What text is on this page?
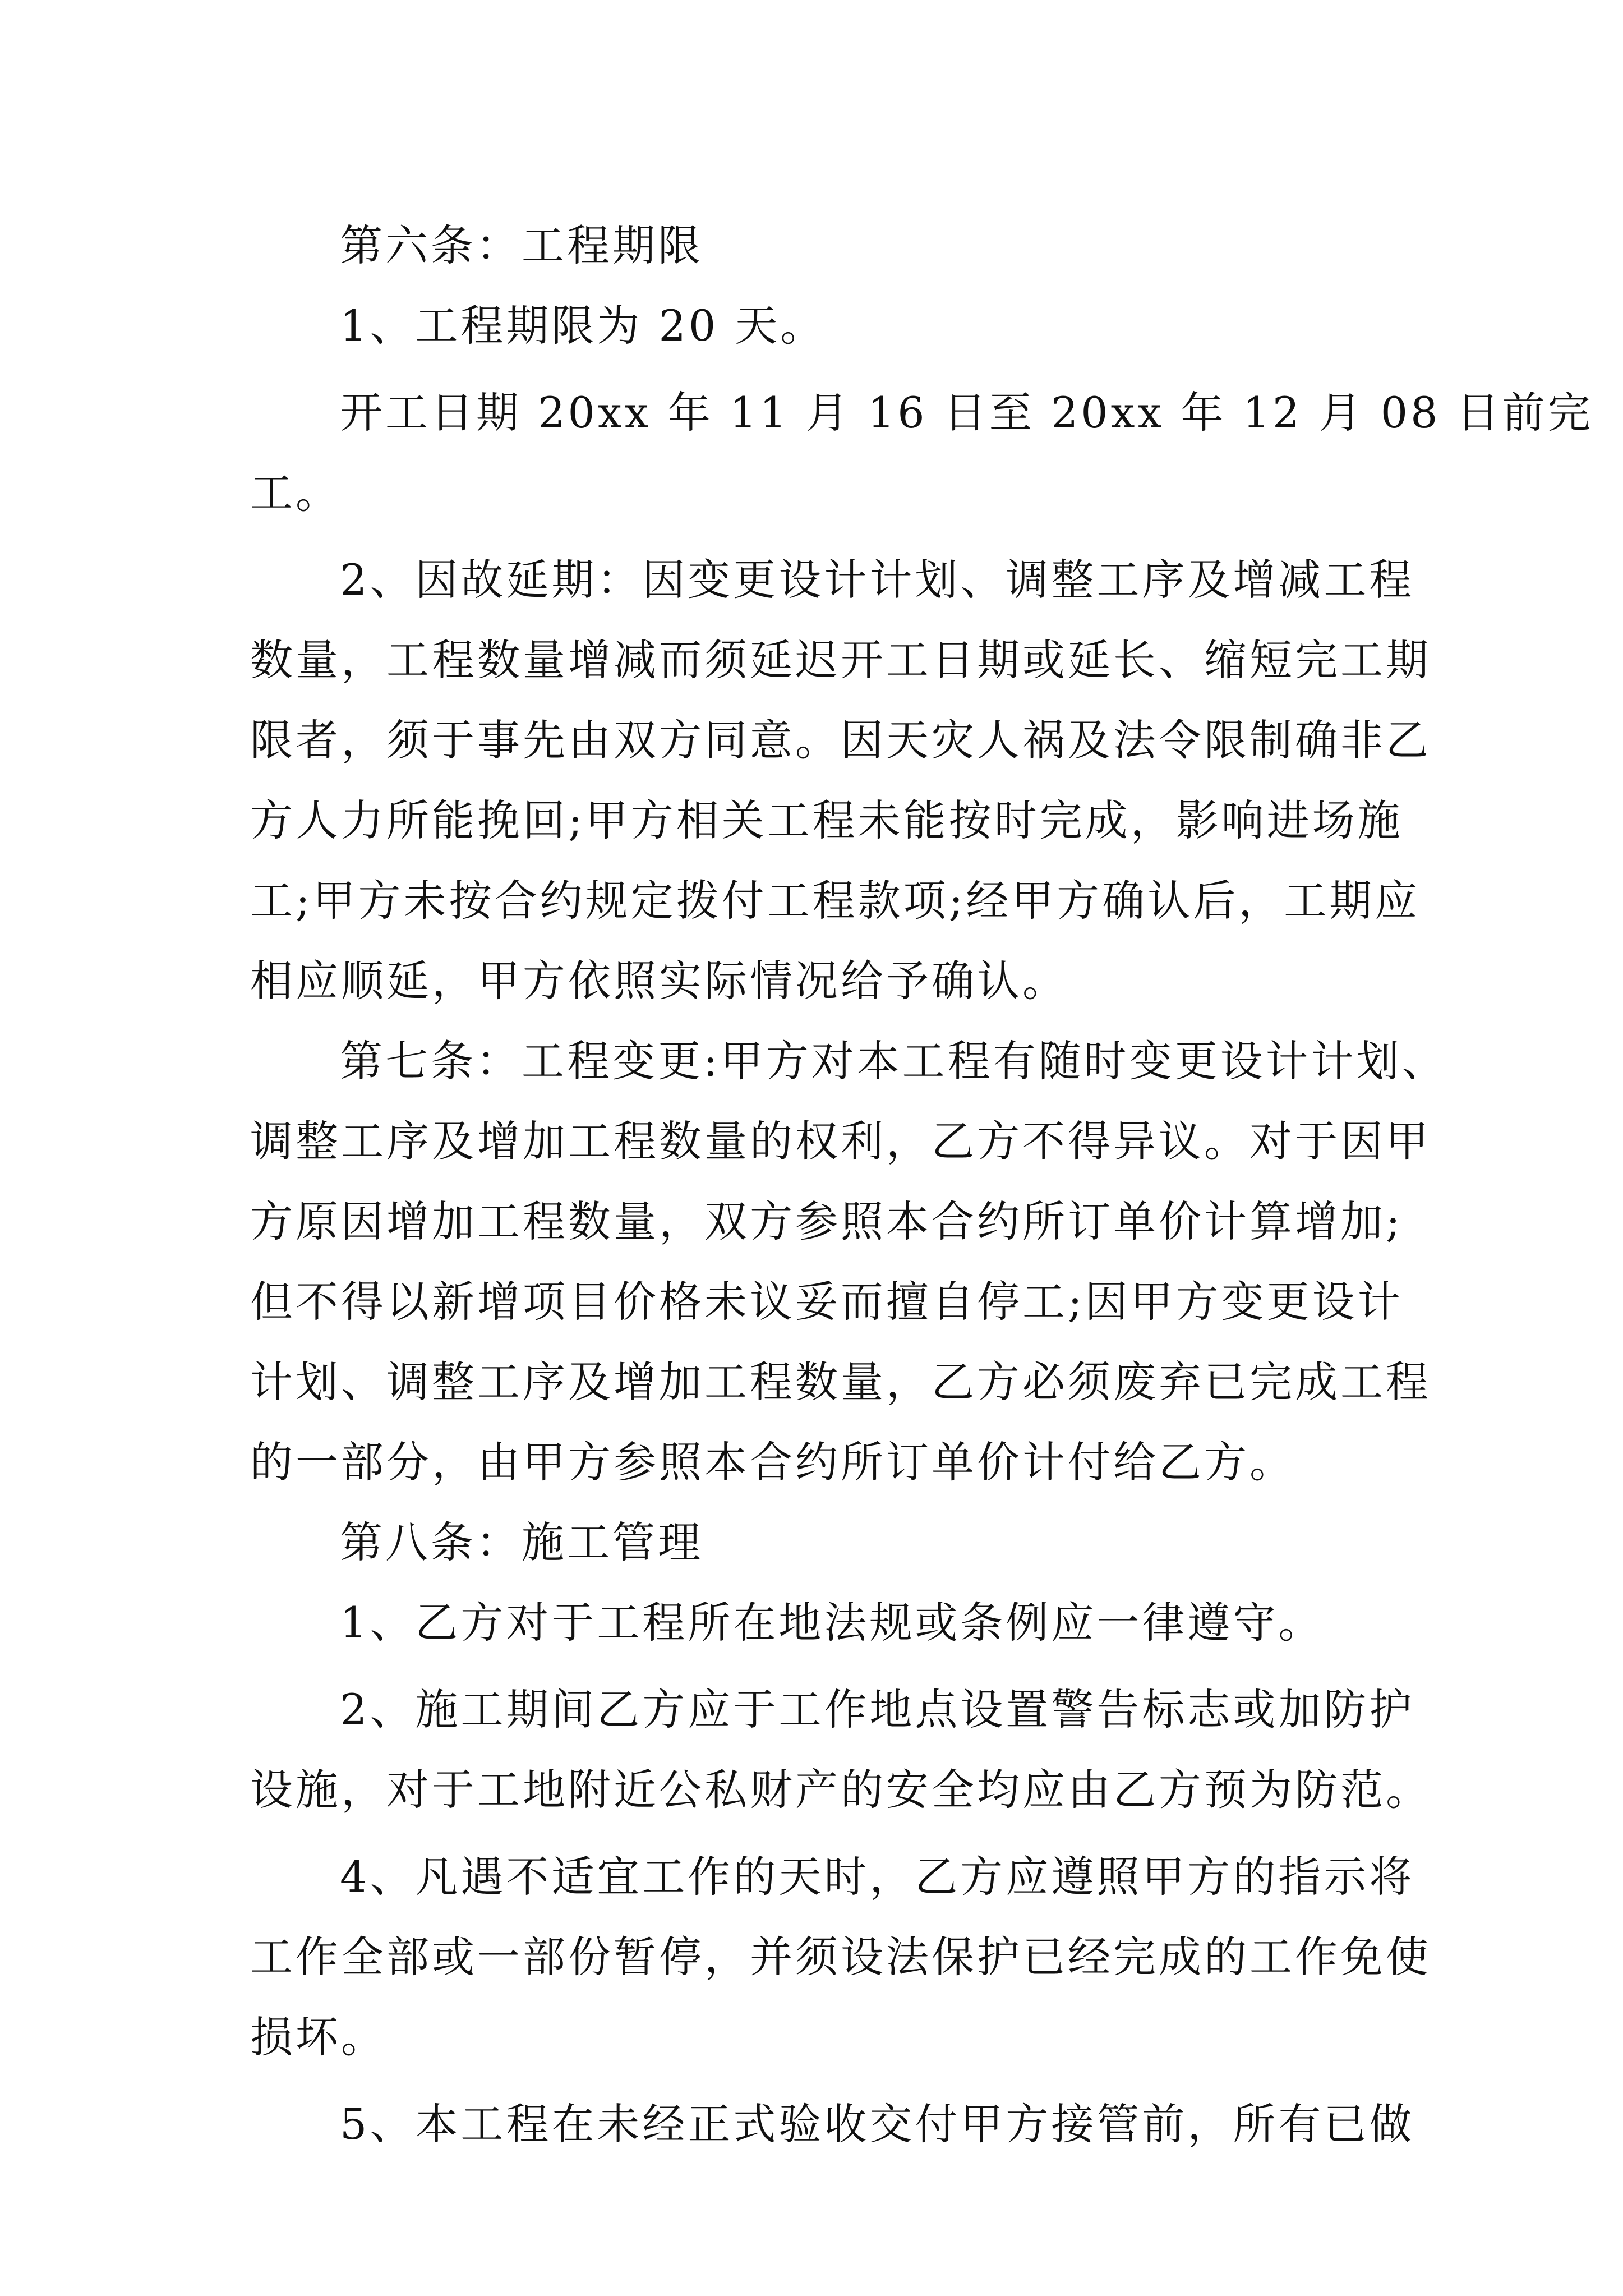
第六条：工程期限
1、工程期限为 20 天。
开工日期 20xx 年 11 月 16 日至 20xx 年 12 月 08 日前完
工。
2、因故延期：因变更设计计划、调整工序及增减工程
数量，工程数量增减而须延迟开工日期或延长、缩短完工期
限者，须于事先由双方同意。因天灾人祸及法令限制确非乙
方人力所能挽回;甲方相关工程未能按时完成，影响进场施
工;甲方未按合约规定拨付工程款项;经甲方确认后，工期应
相应顺延，甲方依照实际情况给予确认。
第七条：工程变更:甲方对本工程有随时变更设计计划、
调整工序及增加工程数量的权利，乙方不得异议。对于因甲
方原因增加工程数量，双方参照本合约所订单价计算增加;
但不得以新增项目价格未议妥而擅自停工;因甲方变更设计
计划、调整工序及增加工程数量，乙方必须废弃已完成工程
的一部分，由甲方参照本合约所订单价计付给乙方。
第八条：施工管理
1、乙方对于工程所在地法规或条例应一律遵守。
2、施工期间乙方应于工作地点设置警告标志或加防护
设施，对于工地附近公私财产的安全均应由乙方预为防范。
4、凡遇不适宜工作的天时，乙方应遵照甲方的指示将
工作全部或一部份暂停，并须设法保护已经完成的工作免使
损坏。
5、本工程在未经正式验收交付甲方接管前，所有已做
